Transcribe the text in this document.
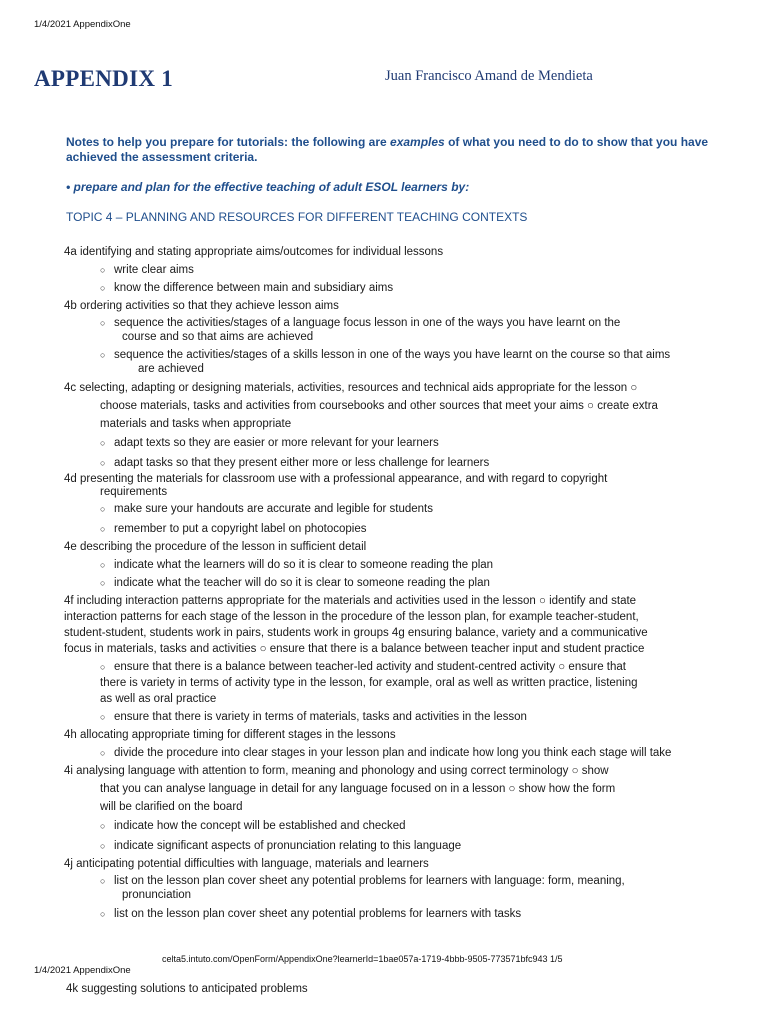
1/4/2021 AppendixOne
APPENDIX 1	Juan Francisco Amand de Mendieta
Notes to help you prepare for tutorials: the following are examples of what you need to do to show that you have achieved the assessment criteria.
• prepare and plan for the effective teaching of adult ESOL learners by:
TOPIC 4 – PLANNING AND RESOURCES FOR DIFFERENT TEACHING CONTEXTS
4a identifying and stating appropriate aims/outcomes for individual lessons
○ write clear aims
○ know the difference between main and subsidiary aims
4b ordering activities so that they achieve lesson aims
○ sequence the activities/stages of a language focus lesson in one of the ways you have learnt on the
course and so that aims are achieved
○ sequence the activities/stages of a skills lesson in one of the ways you have learnt on the course so that aims
are achieved
4c selecting, adapting or designing materials, activities, resources and technical aids appropriate for the lesson ○
choose materials, tasks and activities from coursebooks and other sources that meet your aims ○ create extra
materials and tasks when appropriate
○ adapt texts so they are easier or more relevant for your learners
○ adapt tasks so that they present either more or less challenge for learners
4d presenting the materials for classroom use with a professional appearance, and with regard to copyright
requirements
○ make sure your handouts are accurate and legible for students
○ remember to put a copyright label on photocopies
4e describing the procedure of the lesson in sufficient detail
○ indicate what the learners will do so it is clear to someone reading the plan
○ indicate what the teacher will do so it is clear to someone reading the plan
4f including interaction patterns appropriate for the materials and activities used in the lesson ○ identify and state
interaction patterns for each stage of the lesson in the procedure of the lesson plan, for example teacher-student,
student-student, students work in pairs, students work in groups 4g ensuring balance, variety and a communicative
focus in materials, tasks and activities ○ ensure that there is a balance between teacher input and student practice
○ ensure that there is a balance between teacher-led activity and student-centred activity ○ ensure that
there is variety in terms of activity type in the lesson, for example, oral as well as written practice, listening
as well as oral practice
○ ensure that there is variety in terms of materials, tasks and activities in the lesson
4h allocating appropriate timing for different stages in the lessons
○ divide the procedure into clear stages in your lesson plan and indicate how long you think each stage will take
4i analysing language with attention to form, meaning and phonology and using correct terminology ○ show
that you can analyse language in detail for any language focused on in a lesson ○ show how the form
will be clarified on the board
○ indicate how the concept will be established and checked
○ indicate significant aspects of pronunciation relating to this language
4j anticipating potential difficulties with language, materials and learners
○ list on the lesson plan cover sheet any potential problems for learners with language: form, meaning,
pronunciation
○ list on the lesson plan cover sheet any potential problems for learners with tasks
celta5.intuto.com/OpenForm/AppendixOne?learnerId=1bae057a-1719-4bbb-9505-773571bfc943 1/5
1/4/2021 AppendixOne
4k suggesting solutions to anticipated problems
